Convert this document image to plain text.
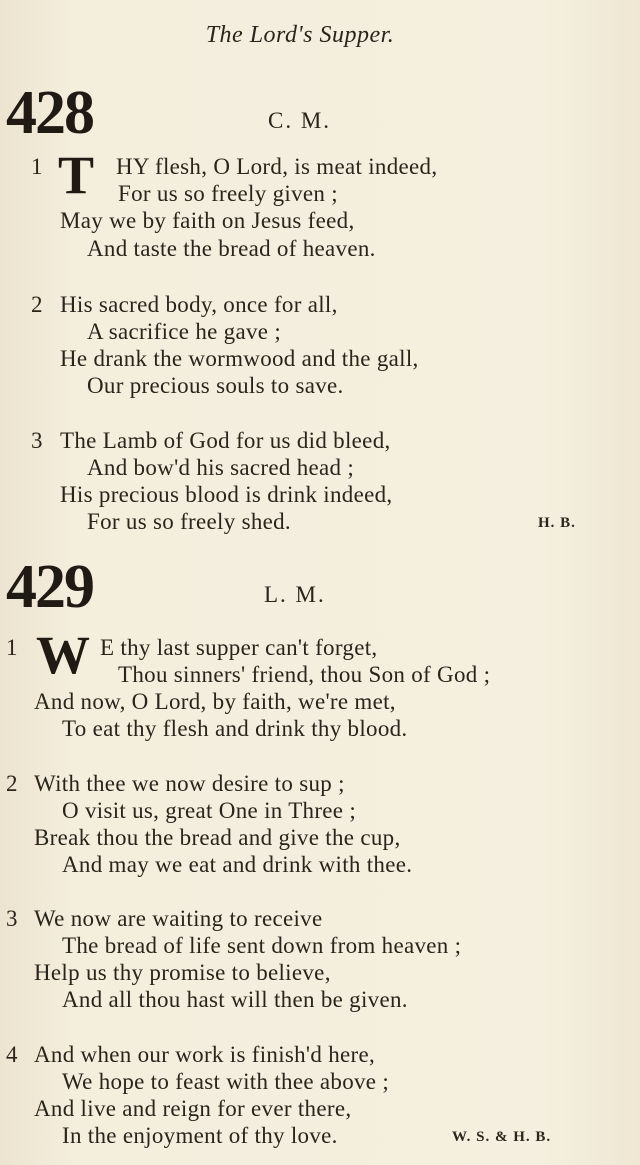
The Lord's Supper.
428	C. M.
1 T HY flesh, O Lord, is meat indeed,
For us so freely given ;
May we by faith on Jesus feed,
And taste the bread of heaven.
2 His sacred body, once for all,
A sacrifice he gave ;
He drank the wormwood and the gall,
Our precious souls to save.
3 The Lamb of God for us did bleed,
And bow'd his sacred head ;
His precious blood is drink indeed,
For us so freely shed.	H. B.
429	L. M.
1 W E thy last supper can't forget,
Thou sinners' friend, thou Son of God ;
And now, O Lord, by faith, we're met,
To eat thy flesh and drink thy blood.
2 With thee we now desire to sup ;
O visit us, great One in Three ;
Break thou the bread and give the cup,
And may we eat and drink with thee.
3 We now are waiting to receive
The bread of life sent down from heaven ;
Help us thy promise to believe,
And all thou hast will then be given.
4 And when our work is finish'd here,
We hope to feast with thee above ;
And live and reign for ever there,
In the enjoyment of thy love.	W. S. & H. B.
